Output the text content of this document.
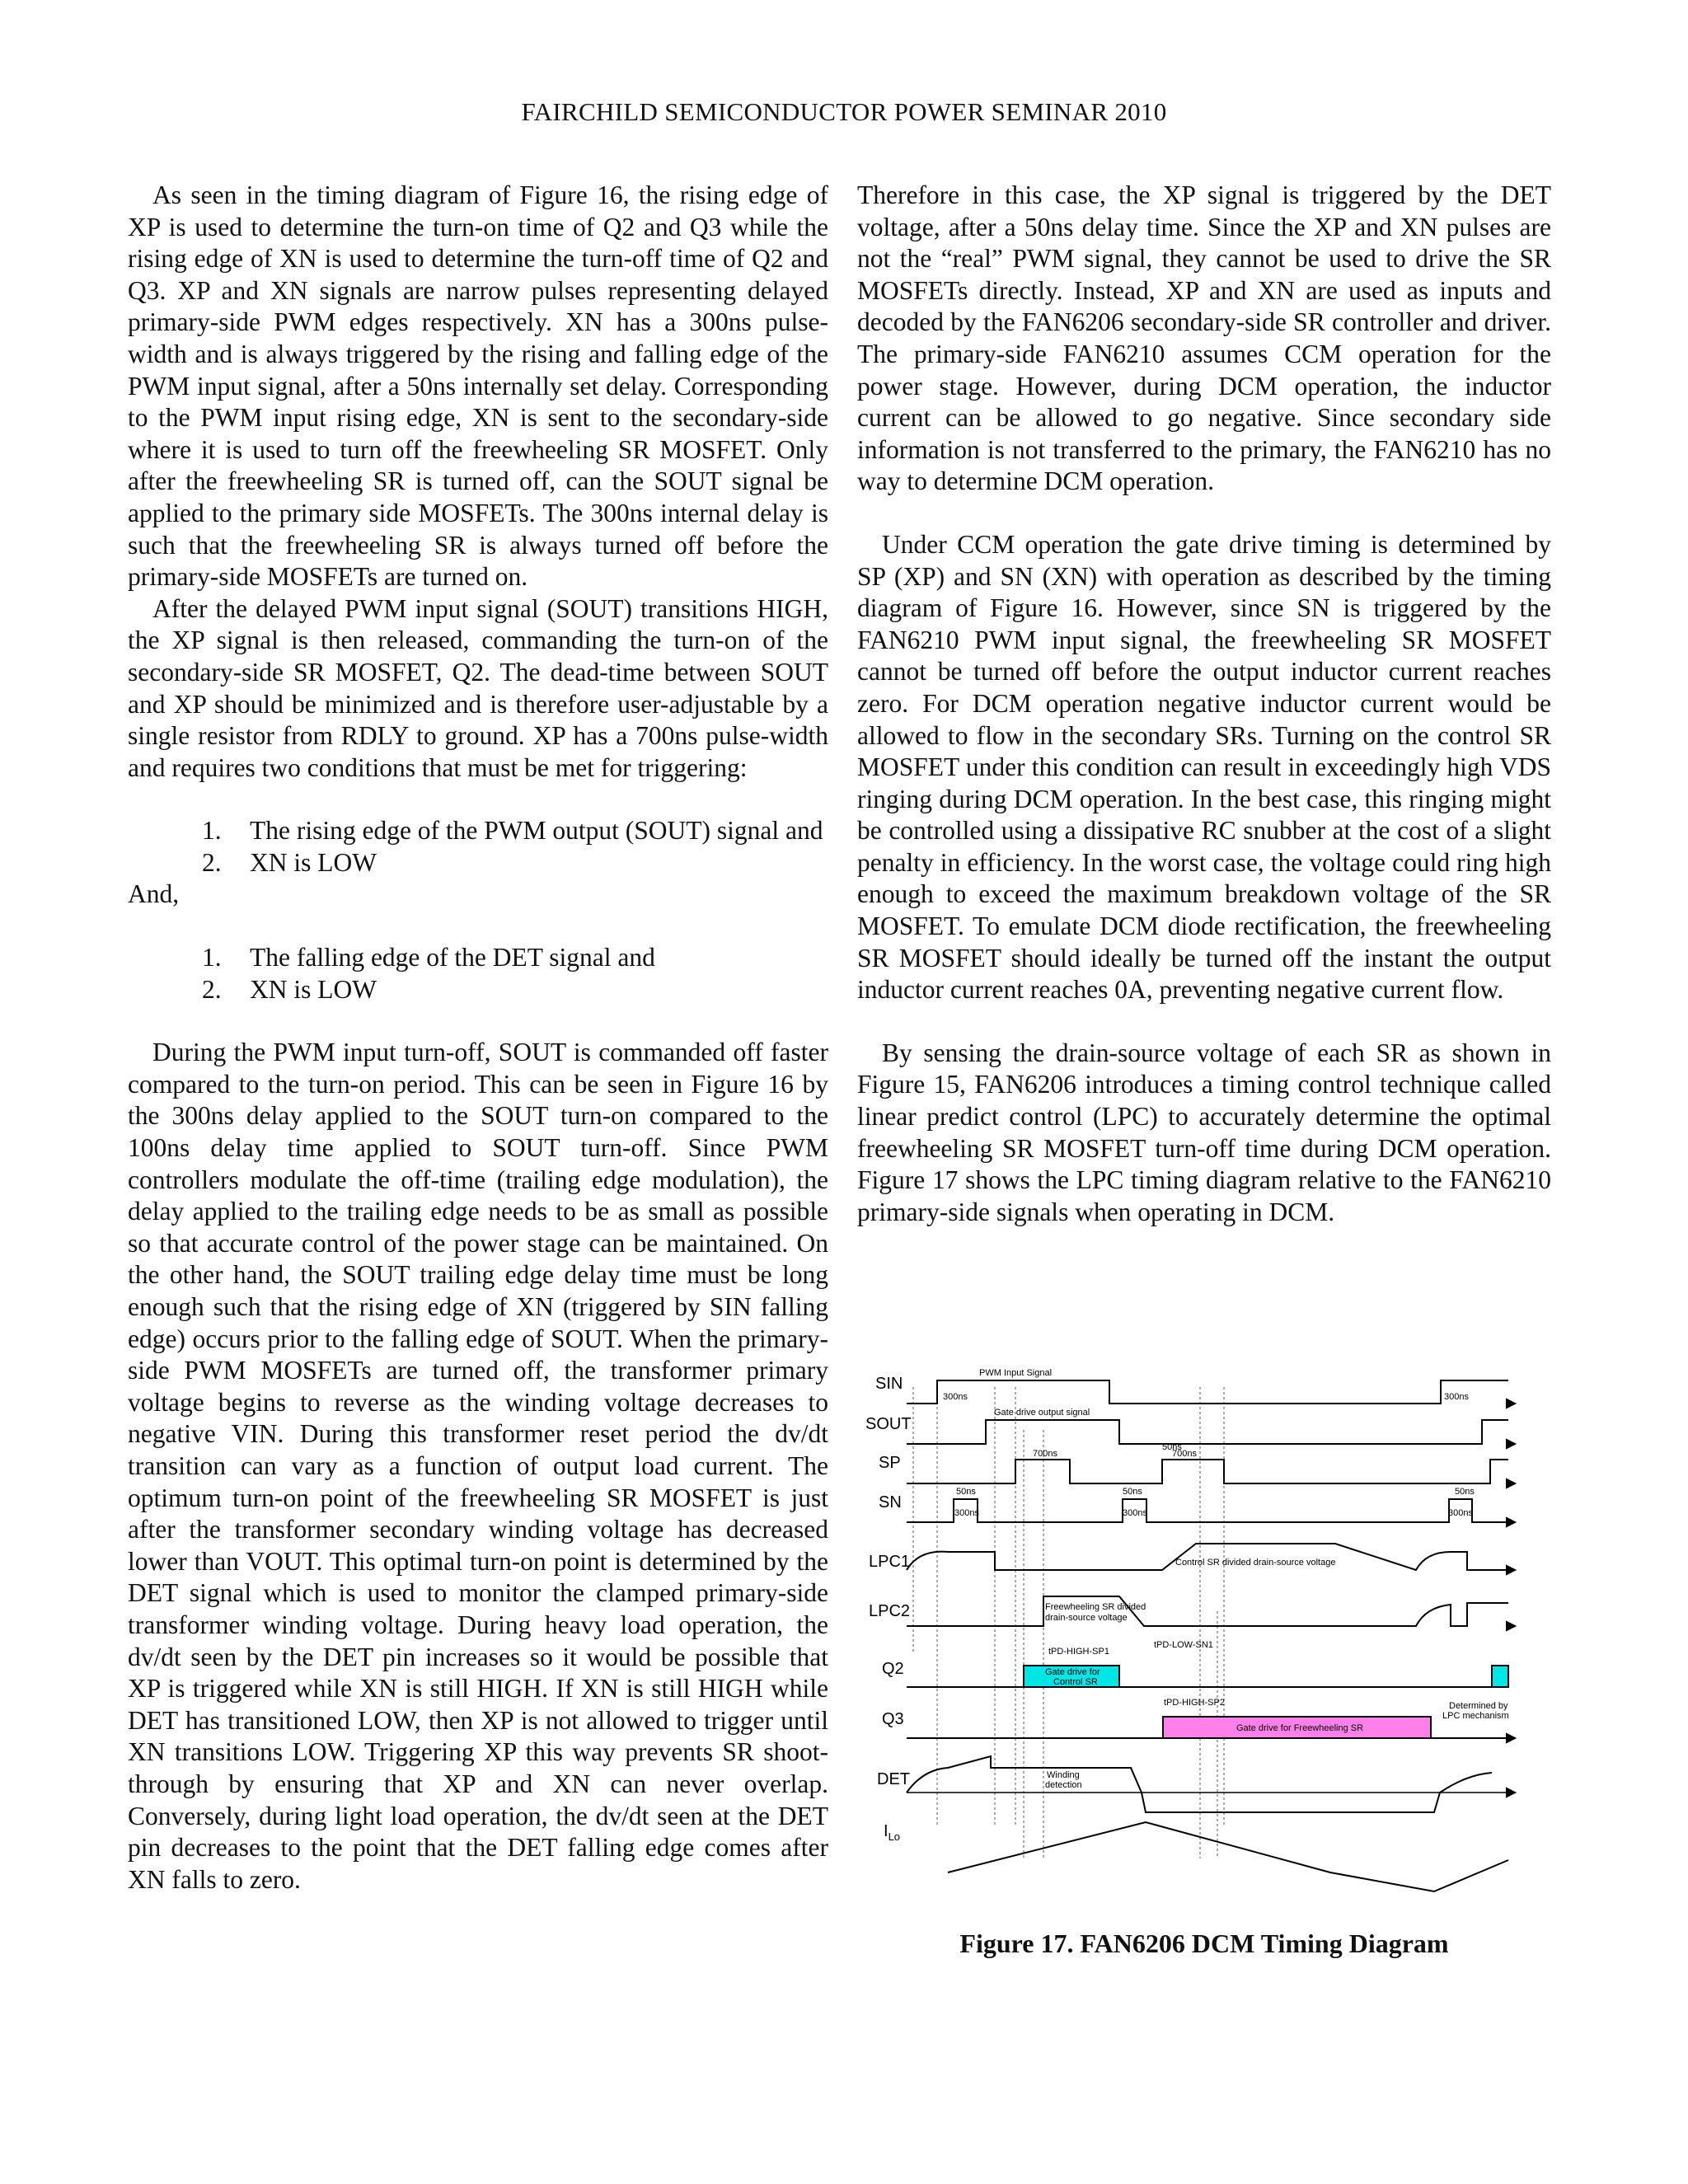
FAIRCHILD SEMICONDUCTOR POWER SEMINAR 2010

As seen in the timing diagram of Figure 16, the rising edge of XP is used to determine the turn-on time of Q2 and Q3 while the rising edge of XN is used to determine the turn-off time of Q2 and Q3. XP and XN signals are narrow pulses representing delayed primary-side PWM edges respectively. XN has a 300ns pulse-width and is always triggered by the rising and falling edge of the PWM input signal, after a 50ns internally set delay. Corresponding to the PWM input rising edge, XN is sent to the secondary-side where it is used to turn off the freewheeling SR MOSFET. Only after the freewheeling SR is turned off, can the SOUT signal be applied to the primary side MOSFETs. The 300ns internal delay is such that the freewheeling SR is always turned off before the primary-side MOSFETs are turned on.

After the delayed PWM input signal (SOUT) transitions HIGH, the XP signal is then released, commanding the turn-on of the secondary-side SR MOSFET, Q2. The dead-time between SOUT and XP should be minimized and is therefore user-adjustable by a single resistor from RDLY to ground. XP has a 700ns pulse-width and requires two conditions that must be met for triggering:

1. The rising edge of the PWM output (SOUT) signal and
2. XN is LOW

And,

1. The falling edge of the DET signal and
2. XN is LOW

During the PWM input turn-off, SOUT is commanded off faster compared to the turn-on period. This can be seen in Figure 16 by the 300ns delay applied to the SOUT turn-on compared to the 100ns delay time applied to SOUT turn-off. Since PWM controllers modulate the off-time (trailing edge modulation), the delay applied to the trailing edge needs to be as small as possible so that accurate control of the power stage can be maintained. On the other hand, the SOUT trailing edge delay time must be long enough such that the rising edge of XN (triggered by SIN falling edge) occurs prior to the falling edge of SOUT. When the primary-side PWM MOSFETs are turned off, the transformer primary voltage begins to reverse as the winding voltage decreases to negative VIN. During this transformer reset period the dv/dt transition can vary as a function of output load current. The optimum turn-on point of the freewheeling SR MOSFET is just after the transformer secondary winding voltage has decreased lower than VOUT. This optimal turn-on point is determined by the DET signal which is used to monitor the clamped primary-side transformer winding voltage. During heavy load operation, the dv/dt seen by the DET pin increases so it would be possible that XP is triggered while XN is still HIGH. If XN is still HIGH while DET has transitioned LOW, then XP is not allowed to trigger until XN transitions LOW. Triggering XP this way prevents SR shoot-through by ensuring that XP and XN can never overlap. Conversely, during light load operation, the dv/dt seen at the DET pin decreases to the point that the DET falling edge comes after XN falls to zero.

Therefore in this case, the XP signal is triggered by the DET voltage, after a 50ns delay time. Since the XP and XN pulses are not the “real” PWM signal, they cannot be used to drive the SR MOSFETs directly. Instead, XP and XN are used as inputs and decoded by the FAN6206 secondary-side SR controller and driver. The primary-side FAN6210 assumes CCM operation for the power stage. However, during DCM operation, the inductor current can be allowed to go negative. Since secondary side information is not transferred to the primary, the FAN6210 has no way to determine DCM operation.

Under CCM operation the gate drive timing is determined by SP (XP) and SN (XN) with operation as described by the timing diagram of Figure 16. However, since SN is triggered by the FAN6210 PWM input signal, the freewheeling SR MOSFET cannot be turned off before the output inductor current reaches zero. For DCM operation negative inductor current would be allowed to flow in the secondary SRs. Turning on the control SR MOSFET under this condition can result in exceedingly high VDS ringing during DCM operation. In the best case, this ringing might be controlled using a dissipative RC snubber at the cost of a slight penalty in efficiency. In the worst case, the voltage could ring high enough to exceed the maximum breakdown voltage of the SR MOSFET. To emulate DCM diode rectification, the freewheeling SR MOSFET should ideally be turned off the instant the output inductor current reaches 0A, preventing negative current flow.

By sensing the drain-source voltage of each SR as shown in Figure 15, FAN6206 introduces a timing control technique called linear predict control (LPC) to accurately determine the optimal freewheeling SR MOSFET turn-off time during DCM operation. Figure 17 shows the LPC timing diagram relative to the FAN6210 primary-side signals when operating in DCM.

SIN
SOUT
SP
SN
LPC1
LPC2
Q2
Q3
DET
$I_{Lo}$
PWM Input Signal
300ns
Gate drive output signal
300ns
700ns
50ns
700ns
50ns	50ns	50ns
300ns	300ns	300ns
Control SR divided drain-source voltage
Freewheeling SR divided
drain-source voltage
tPD-HIGH-SP1
tPD-LOW-SN1
tPD-HIGH-SP2
Gate drive for
Control SR
Gate drive for Freewheeling SR
Determined by
LPC mechanism
Winding
detection
Figure 17. FAN6206 DCM Timing Diagram
